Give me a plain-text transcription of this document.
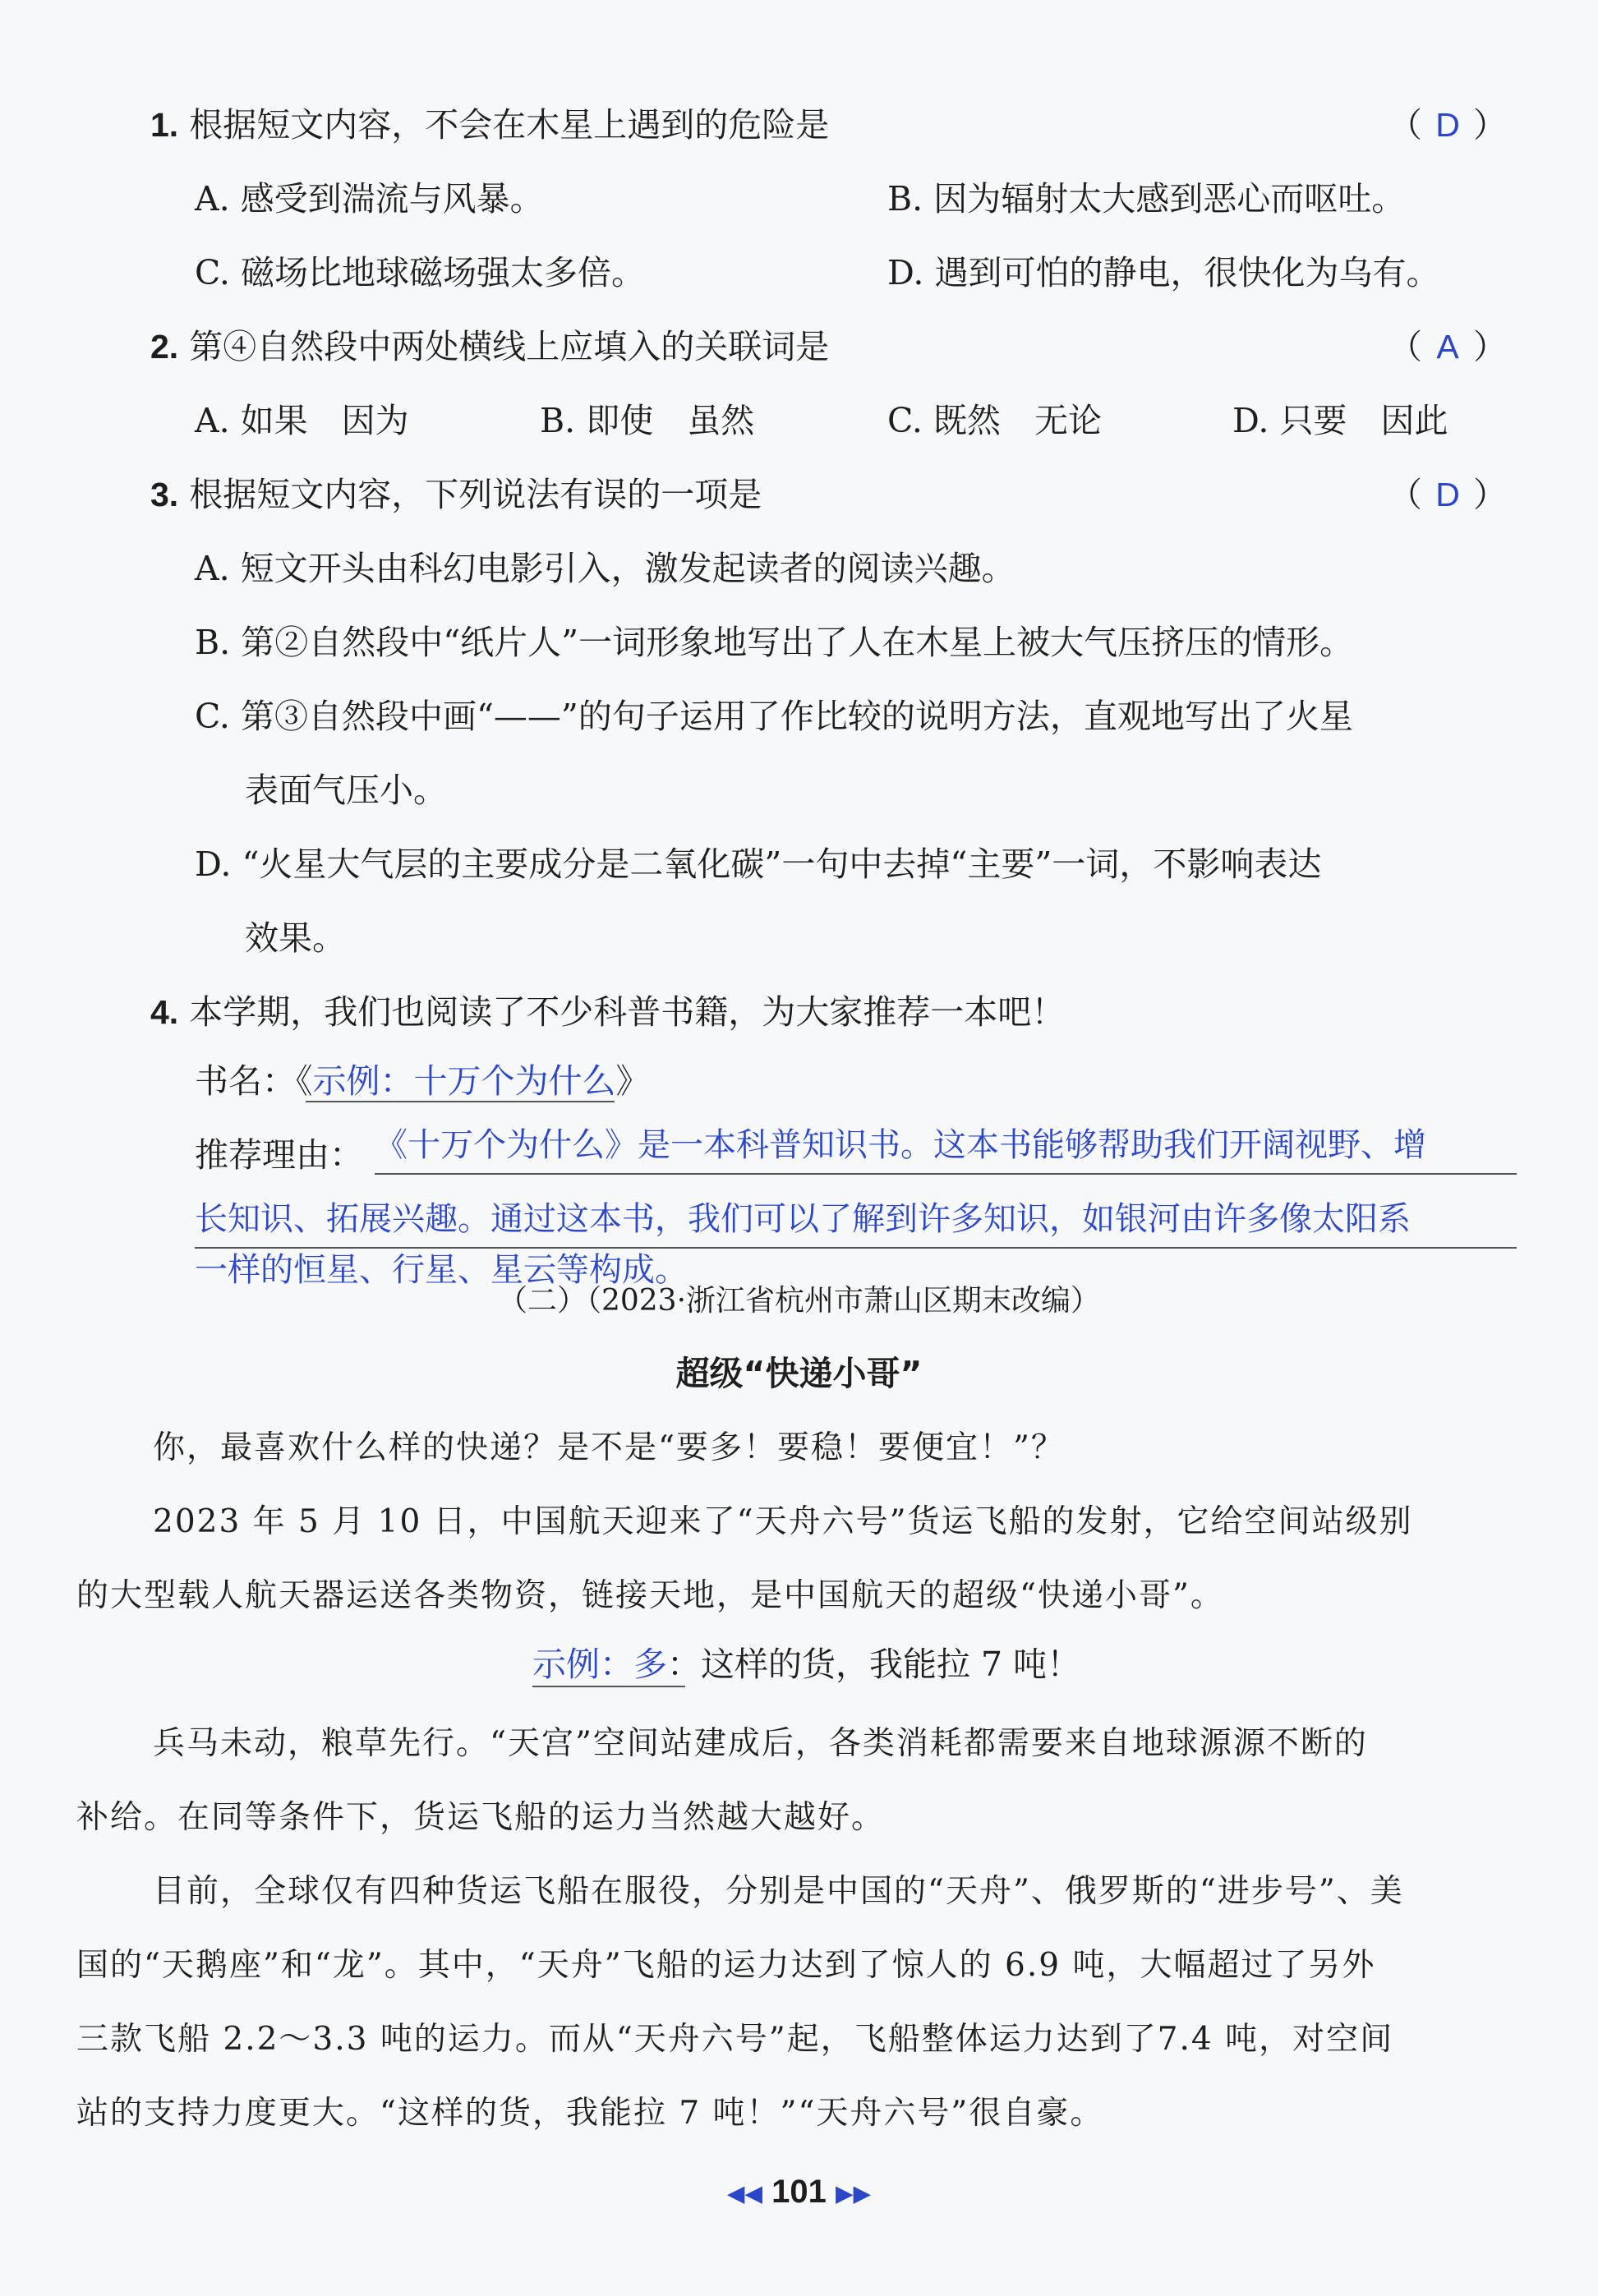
1. 根据短文内容，不会在木星上遇到的危险是	（ D ）
A. 感受到湍流与风暴。	B. 因为辐射太大感到恶心而呕吐。
C. 磁场比地球磁场强太多倍。	D. 遇到可怕的静电，很快化为乌有。
2. 第④自然段中两处横线上应填入的关联词是	（ A ）
A. 如果　因为	B. 即使　虽然	C. 既然　无论	D. 只要　因此
3. 根据短文内容，下列说法有误的一项是	（ D ）
A. 短文开头由科幻电影引入，激发起读者的阅读兴趣。
B. 第②自然段中“纸片人”一词形象地写出了人在木星上被大气压挤压的情形。
C. 第③自然段中画“——”的句子运用了作比较的说明方法，直观地写出了火星
表面气压小。
D. “火星大气层的主要成分是二氧化碳”一句中去掉“主要”一词，不影响表达
效果。
4. 本学期，我们也阅读了不少科普书籍，为大家推荐一本吧！
书名：《示例：十万个为什么》
推荐理由： 《十万个为什么》是一本科普知识书。这本书能够帮助我们开阔视野、增
长知识、拓展兴趣。通过这本书，我们可以了解到许多知识，如银河由许多像太阳系
一样的恒星、行星、星云等构成。
（二）（2023·浙江省杭州市萧山区期末改编）
超级“快递小哥”
你，最喜欢什么样的快递？是不是“要多！要稳！要便宜！”？
2023 年 5 月 10 日，中国航天迎来了“天舟六号”货运飞船的发射，它给空间站级别
的大型载人航天器运送各类物资，链接天地，是中国航天的超级“快递小哥”。
示例：多：这样的货，我能拉 7 吨！
兵马未动，粮草先行。“天宫”空间站建成后，各类消耗都需要来自地球源源不断的
补给。在同等条件下，货运飞船的运力当然越大越好。
目前，全球仅有四种货运飞船在服役，分别是中国的“天舟”、俄罗斯的“进步号”、美
国的“天鹅座”和“龙”。其中，“天舟”飞船的运力达到了惊人的 6.9 吨，大幅超过了另外
三款飞船 2.2～3.3 吨的运力。而从“天舟六号”起，飞船整体运力达到了7.4 吨，对空间
站的支持力度更大。“这样的货，我能拉 7 吨！”“天舟六号”很自豪。
◀◀ 101 ▶▶
